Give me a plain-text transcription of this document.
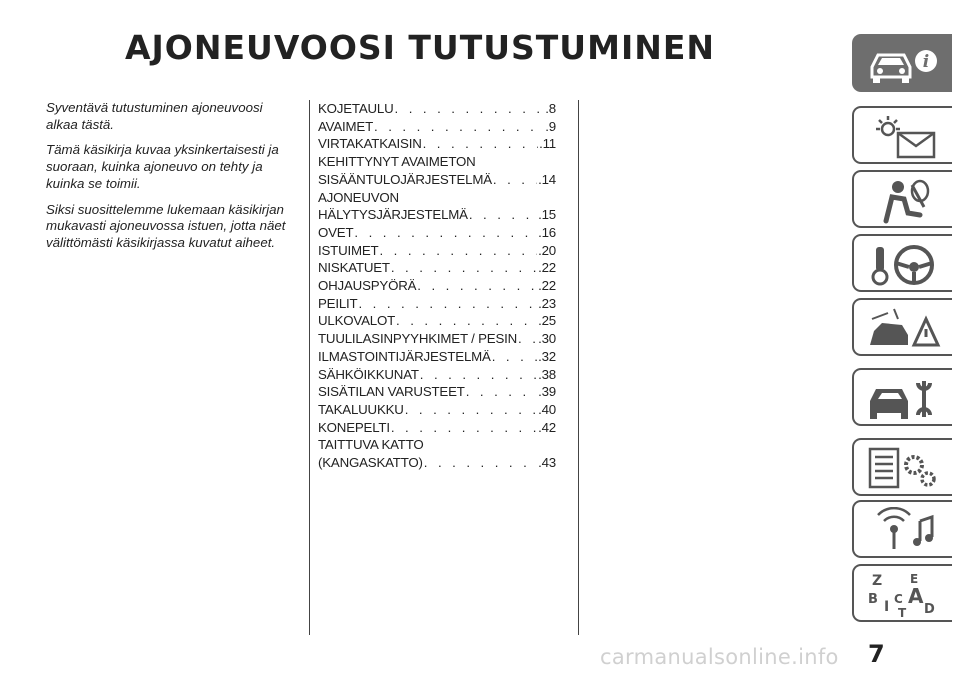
AJONEUVOOSI TUTUSTUMINEN

Syventävä tutustuminen ajoneuvoosi alkaa tästä.

Tämä käsikirja kuvaa yksinkertaisesti ja suoraan, kuinka ajoneuvo on tehty ja kuinka se toimii.

Siksi suosittelemme lukemaan käsikirjan mukavasti ajoneuvossa istuen, jotta näet välittömästi käsikirjassa kuvatut aiheet.

KOJETAULU . . .	.8
AVAIMET . . .	.9
VIRTAKATKAISIN . . .	.11
KEHITTYNYT AVAIMETON
SISÄÄNTULOJÄRJESTELMÄ . . .	.14
AJONEUVON
HÄLYTYSJÄRJESTELMÄ . . .	.15
OVET . . .	.16
ISTUIMET . . .	.20
NISKATUET . . .	.22
OHJAUSPYÖRÄ . . .	.22
PEILIT . . .	.23
ULKOVALOT . . .	.25
TUULILASINPYYHKIMET / PESIN . . . .30
ILMASTOINTIJÄRJESTELMÄ . . .	.32
SÄHKÖIKKUNAT . . .	.38
SISÄTILAN VARUSTEET . . .	.39
TAKALUUKKU . . .	.40
KONEPELTI . . .	.42
TAITTUVA KATTO
(KANGASKATTO) . . .	.43
i
Z E
B A
I C
T D
7
carmanualsonline.info
